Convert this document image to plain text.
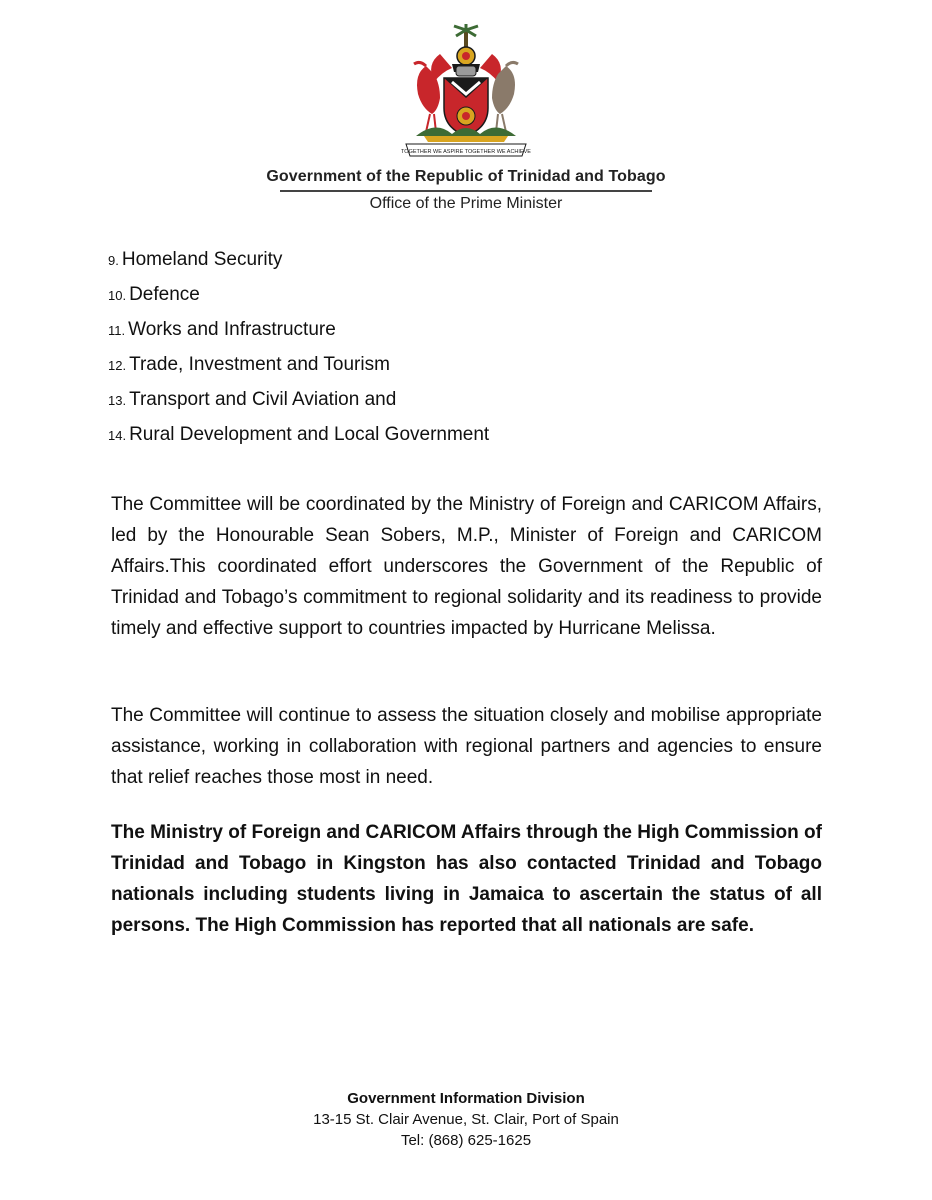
TOGETHER WE ASPIRE TOGETHER WE ACHIEVE
Government of the Republic of Trinidad and Tobago
Office of the Prime Minister
9. Homeland Security
10. Defence
11. Works and Infrastructure
12. Trade, Investment and Tourism
13. Transport and Civil Aviation and
14. Rural Development and Local Government

The Committee will be coordinated by the Ministry of Foreign and CARICOM Affairs, led by the Honourable Sean Sobers, M.P., Minister of Foreign and CARICOM Affairs.This coordinated effort underscores the Government of the Republic of Trinidad and Tobago’s commitment to regional solidarity and its readiness to provide timely and effective support to countries impacted by Hurricane Melissa.

The Committee will continue to assess the situation closely and mobilise appropriate assistance, working in collaboration with regional partners and agencies to ensure that relief reaches those most in need.

The Ministry of Foreign and CARICOM Affairs through the High Commission of Trinidad and Tobago in Kingston has also contacted Trinidad and Tobago nationals including students living in Jamaica to ascertain the status of all persons. The High Commission has reported that all nationals are safe.

Government Information Division
13-15 St. Clair Avenue, St. Clair, Port of Spain
Tel: (868) 625-1625
